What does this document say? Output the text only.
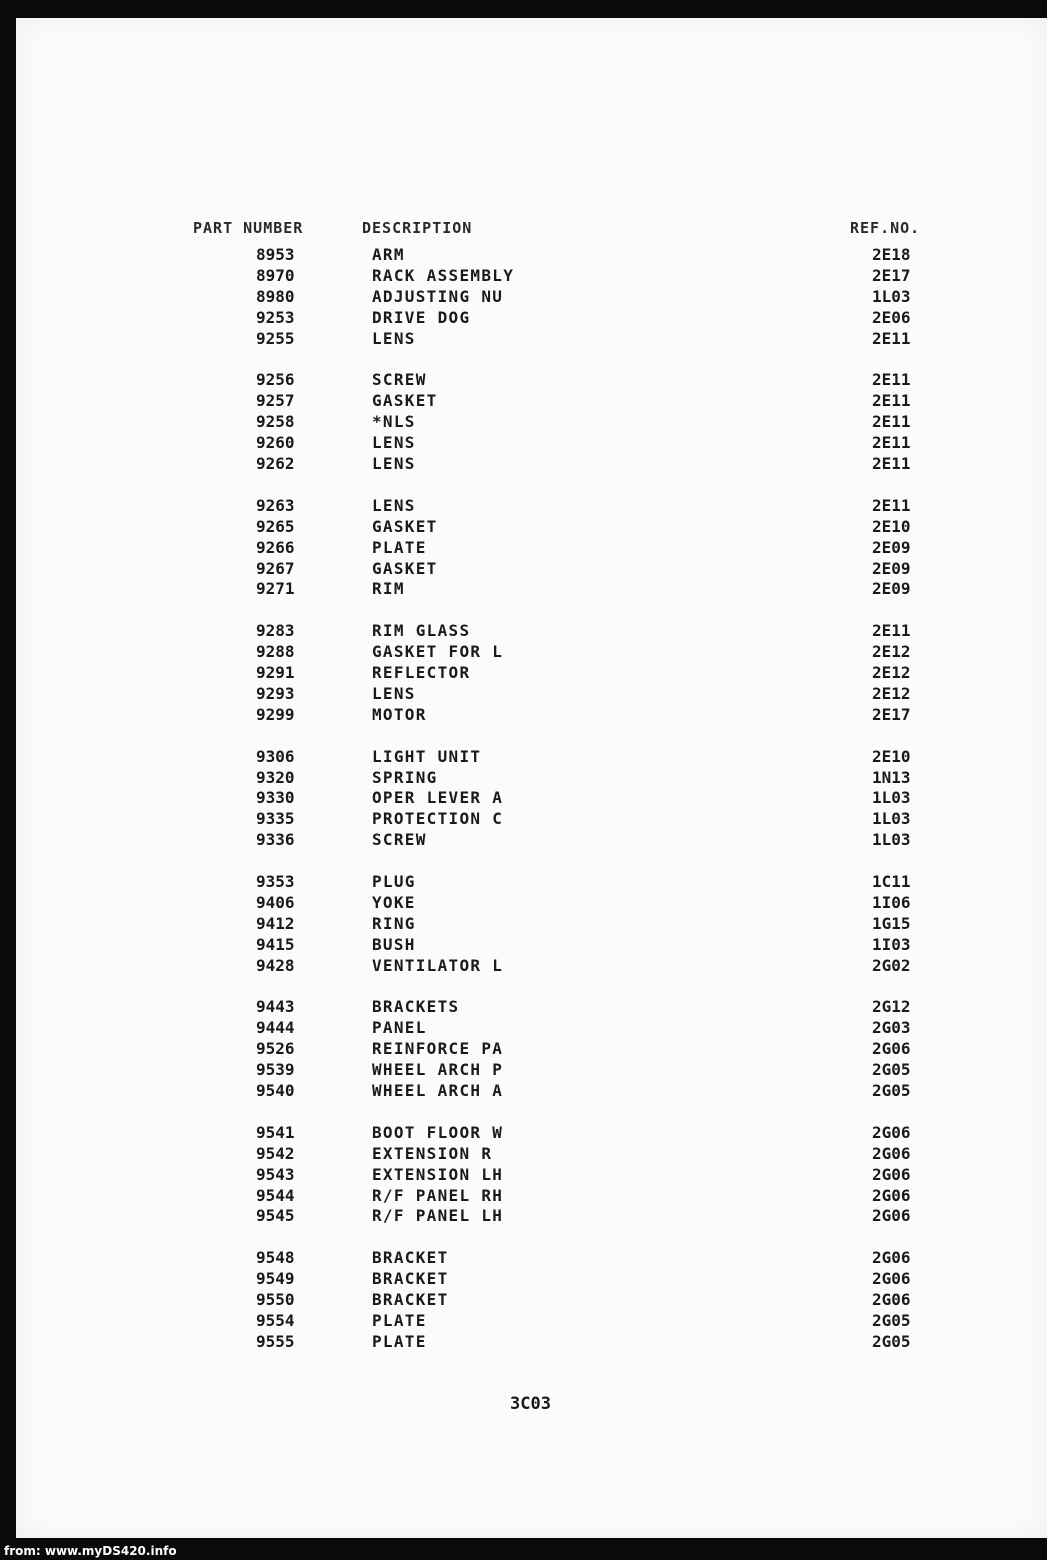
PART NUMBER	DESCRIPTION	REF.NO.
8953	ARM	2E18
8970	RACK ASSEMBLY	2E17
8980	ADJUSTING NU	1L03
9253	DRIVE DOG	2E06
9255	LENS	2E11
9256	SCREW	2E11
9257	GASKET	2E11
9258	*NLS	2E11
9260	LENS	2E11
9262	LENS	2E11
9263	LENS	2E11
9265	GASKET	2E10
9266	PLATE	2E09
9267	GASKET	2E09
9271	RIM	2E09
9283	RIM GLASS	2E11
9288	GASKET FOR L	2E12
9291	REFLECTOR	2E12
9293	LENS	2E12
9299	MOTOR	2E17
9306	LIGHT UNIT	2E10
9320	SPRING	1N13
9330	OPER LEVER A	1L03
9335	PROTECTION C	1L03
9336	SCREW	1L03
9353	PLUG	1C11
9406	YOKE	1I06
9412	RING	1G15
9415	BUSH	1I03
9428	VENTILATOR L	2G02
9443	BRACKETS	2G12
9444	PANEL	2G03
9526	REINFORCE PA	2G06
9539	WHEEL ARCH P	2G05
9540	WHEEL ARCH A	2G05
9541	BOOT FLOOR W	2G06
9542	EXTENSION R	2G06
9543	EXTENSION LH	2G06
9544	R/F PANEL RH	2G06
9545	R/F PANEL LH	2G06
9548	BRACKET	2G06
9549	BRACKET	2G06
9550	BRACKET	2G06
9554	PLATE	2G05
9555	PLATE	2G05
3C03
from: www.myDS420.info
